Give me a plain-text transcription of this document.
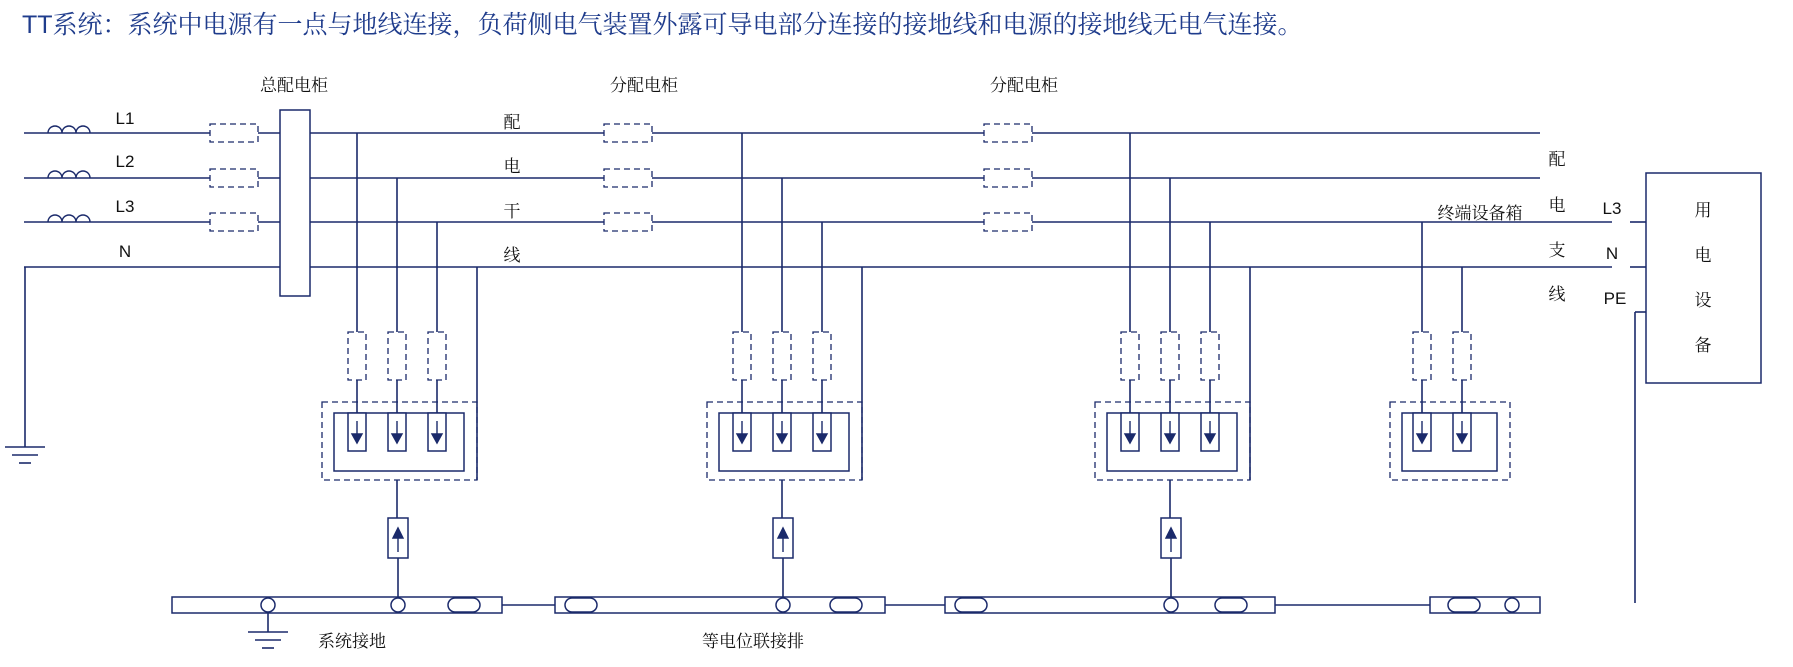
TT系统：系统中电源有一点与地线连接，负荷侧电气装置外露可导电部分连接的接地线和电源的接地线无电气连接。
总配电柜	分配电柜	分配电柜
终端设备箱
L1
L2
L3
N
配
电
干
线
配
电
支
线
用
电
设
备
L3
N
PE
系统接地	等电位联接排
